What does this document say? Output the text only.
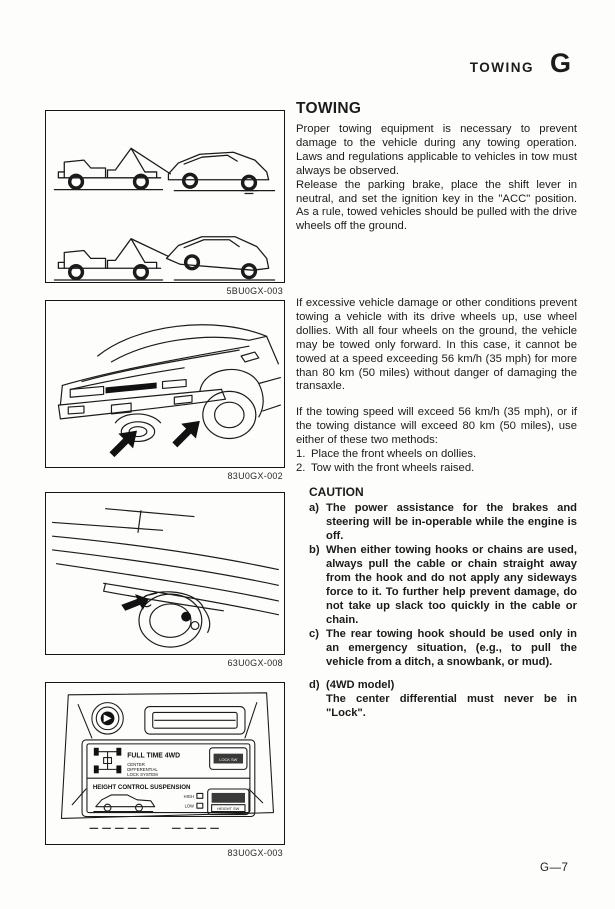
TOWING G
5BU0GX-003
83U0GX-002
63U0GX-008
FULL TIME 4WD
CENTER
DIFFERENTIAL
LOCK SYSTEM
LOCK SW
HEIGHT CONTROL SUSPENSION
HIGH
LOW	HEIGHT SW
83U0GX-003
TOWING

Proper towing equipment is necessary to prevent damage to the vehicle during any towing operation. Laws and regulations applicable to vehicles in tow must always be observed.

Release the parking brake, place the shift lever in neutral, and set the ignition key in the "ACC" position. As a rule, towed vehicles should be pulled with the drive wheels off the ground.

If excessive vehicle damage or other conditions prevent towing a vehicle with its drive wheels up, use wheel dollies. With all four wheels on the ground, the vehicle may be towed only forward. In this case, it cannot be towed at a speed exceeding 56 km/h (35 mph) for more than 80 km (50 miles) without danger of damaging the transaxle.

If the towing speed will exceed 56 km/h (35 mph), or if the towing distance will exceed 80 km (50 miles), use either of these two methods:

1. Place the front wheels on dollies.
2. Tow with the front wheels raised.

CAUTION

a) The power assistance for the brakes and steering will be in-operable while the engine is off.
b) When either towing hooks or chains are used, always pull the cable or chain straight away from the hook and do not apply any sideways force to it. To further help prevent damage, do not take up slack too quickly in the cable or chain.
c) The rear towing hook should be used only in an emergency situation, (e.g., to pull the vehicle from a ditch, a snowbank, or mud).
d) (4WD model)
The center differential must never be in "Lock".
G—7
